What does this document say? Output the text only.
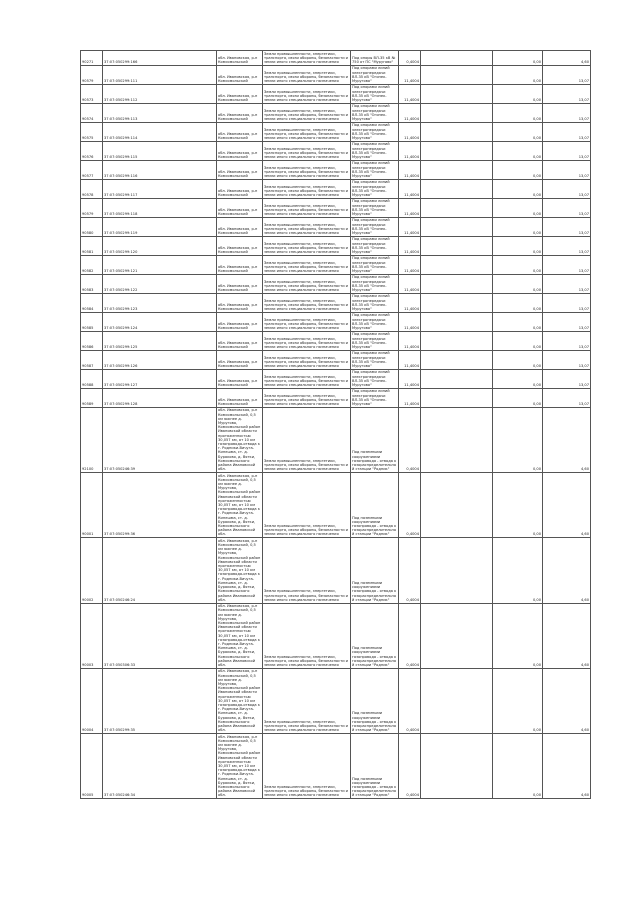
90271	37:07:050299:166	обл. Ивановская, р-н Комсомольский	Земли промышленности, энергетики, транспорта, связи обороны, безопасности и земли иного специального назначения	Под опоры ВЛ-35 кВ № 750 от ПС "Муругово"	0,4004		0,00	4,60
90579	37:07:050299:111	обл. Ивановская, р-н Комсомольский	Земли промышленности, энергетики, транспорта, связи обороны, безопасности и земли иного специального назначения	Под опорами линий электропередачи ВЛ-35 кВ "Огонек-Муругово"	11,4004		0,00	13,07
90573	37:07:050299:112	обл. Ивановская, р-н Комсомольский	Земли промышленности, энергетики, транспорта, связи обороны, безопасности и земли иного специального назначения	Под опорами линий электропередачи ВЛ-35 кВ "Огонек-Муругово"	11,4004		0,00	13,07
90574	37:07:050299:113	обл. Ивановская, р-н Комсомольский	Земли промышленности, энергетики, транспорта, связи обороны, безопасности и земли иного специального назначения	Под опорами линий электропередачи ВЛ-35 кВ "Огонек-Муругово"	11,4004		0,00	13,07
90575	37:07:050299:114	обл. Ивановская, р-н Комсомольский	Земли промышленности, энергетики, транспорта, связи обороны, безопасности и земли иного специального назначения	Под опорами линий электропередачи ВЛ-35 кВ "Огонек-Муругово"	11,4004		0,00	13,07
90576	37:07:050299:115	обл. Ивановская, р-н Комсомольский	Земли промышленности, энергетики, транспорта, связи обороны, безопасности и земли иного специального назначения	Под опорами линий электропередачи ВЛ-35 кВ "Огонек-Муругово"	11,4004		0,00	13,07
90577	37:07:050299:116	обл. Ивановская, р-н Комсомольский	Земли промышленности, энергетики, транспорта, связи обороны, безопасности и земли иного специального назначения	Под опорами линий электропередачи ВЛ-35 кВ "Огонек-Муругово"	11,4004		0,00	13,07
90578	37:07:050299:117	обл. Ивановская, р-н Комсомольский	Земли промышленности, энергетики, транспорта, связи обороны, безопасности и земли иного специального назначения	Под опорами линий электропередачи ВЛ-35 кВ "Огонек-Муругово"	11,4004		0,00	13,07
90579	37:07:050299:118	обл. Ивановская, р-н Комсомольский	Земли промышленности, энергетики, транспорта, связи обороны, безопасности и земли иного специального назначения	Под опорами линий электропередачи ВЛ-35 кВ "Огонек-Муругово"	11,4004		0,00	13,07
90580	37:07:050299:119	обл. Ивановская, р-н Комсомольский	Земли промышленности, энергетики, транспорта, связи обороны, безопасности и земли иного специального назначения	Под опорами линий электропередачи ВЛ-35 кВ "Огонек-Муругово"	11,4004		0,00	13,07
90581	37:07:050299:120	обл. Ивановская, р-н Комсомольский	Земли промышленности, энергетики, транспорта, связи обороны, безопасности и земли иного специального назначения	Под опорами линий электропередачи ВЛ-35 кВ "Огонек-Муругово"	11,4004		0,00	13,07
90582	37:07:050299:121	обл. Ивановская, р-н Комсомольский	Земли промышленности, энергетики, транспорта, связи обороны, безопасности и земли иного специального назначения	Под опорами линий электропередачи ВЛ-35 кВ "Огонек-Муругово"	11,4004		0,00	13,07
90583	37:07:050299:122	обл. Ивановская, р-н Комсомольский	Земли промышленности, энергетики, транспорта, связи обороны, безопасности и земли иного специального назначения	Под опорами линий электропередачи ВЛ-35 кВ "Огонек-Муругово"	11,4004		0,00	13,07
90584	37:07:050299:123	обл. Ивановская, р-н Комсомольский	Земли промышленности, энергетики, транспорта, связи обороны, безопасности и земли иного специального назначения	Под опорами линий электропередачи ВЛ-35 кВ "Огонек-Муругово"	11,4004		0,00	13,07
90585	37:07:050299:124	обл. Ивановская, р-н Комсомольский	Земли промышленности, энергетики, транспорта, связи обороны, безопасности и земли иного специального назначения	Под опорами линий электропередачи ВЛ-35 кВ "Огонек-Муругово"	11,4004		0,00	13,07
90586	37:07:050299:125	обл. Ивановская, р-н Комсомольский	Земли промышленности, энергетики, транспорта, связи обороны, безопасности и земли иного специального назначения	Под опорами линий электропередачи ВЛ-35 кВ "Огонек-Муругово"	11,4004		0,00	13,07
90587	37:07:050299:126	обл. Ивановская, р-н Комсомольский	Земли промышленности, энергетики, транспорта, связи обороны, безопасности и земли иного специального назначения	Под опорами линий электропередачи ВЛ-35 кВ "Огонек-Муругово"	11,4004		0,00	13,07
90588	37:07:050299:127	обл. Ивановская, р-н Комсомольский	Земли промышленности, энергетики, транспорта, связи обороны, безопасности и земли иного специального назначения	Под опорами линий электропередачи ВЛ-35 кВ "Огонек-Муругово"	11,4004		0,00	13,07
90589	37:07:050299:128	обл. Ивановская, р-н Комсомольский	Земли промышленности, энергетики, транспорта, связи обороны, безопасности и земли иного специального назначения	Под опорами линий электропередачи ВЛ-35 кВ "Огонек-Муругово"	11,4004		0,00	13,07
92100	37:07:050246:39	обл. Ивановская, р-н Комсомольский, 0,5 км южнее д. Муругово, Комсомольский район Ивановской области протяженностью 30,057 км, от 10 км газопровода-отвода к г. Родники-Вичуга-Кинешма, ст. д. Бураково, д. Вятки, Комсомольского района Ивановской обл.	Земли промышленности, энергетики, транспорта, связи обороны, безопасности и земли иного специального назначения	Под наземными сооружениями газопровода - отвода к газораспределительной станции "Родник"	0,4004		0,00	4,60
90001	37:07:050299:36	обл. Ивановская, р-н Комсомольский, 0,5 км южнее д. Муругово, Комсомольский район Ивановской области протяженностью 30,057 км, от 10 км газопровода-отвода к г. Родники-Вичуга-Кинешма, ст. д. Бураково, д. Вятки, Комсомольского района Ивановской обл.	Земли промышленности, энергетики, транспорта, связи обороны, безопасности и земли иного специального назначения	Под наземными сооружениями газопровода - отвода к газораспределительной станции "Родник"	0,4004		0,00	4,60
90002	37:07:050246:24	обл. Ивановская, р-н Комсомольский, 0,5 км южнее д. Муругово, Комсомольский район Ивановской области протяженностью 30,057 км, от 10 км газопровода-отвода к г. Родники-Вичуга-Кинешма, ст. д. Бураково, д. Вятки, Комсомольского района Ивановской обл.	Земли промышленности, энергетики, транспорта, связи обороны, безопасности и земли иного специального назначения	Под наземными сооружениями газопровода - отвода к газораспределительной станции "Родник"	0,4004		0,00	4,60
90003	37:07:050306:33	обл. Ивановская, р-н Комсомольский, 0,5 км южнее д. Муругово, Комсомольский район Ивановской области протяженностью 30,057 км, от 10 км газопровода-отвода к г. Родники-Вичуга-Кинешма, ст. д. Бураково, д. Вятки, Комсомольского района Ивановской обл.	Земли промышленности, энергетики, транспорта, связи обороны, безопасности и земли иного специального назначения	Под наземными сооружениями газопровода - отвода к газораспределительной станции "Родник"	0,4004		0,00	4,60
90004	37:07:050299:35	обл. Ивановская, р-н Комсомольский, 0,5 км южнее д. Муругово, Комсомольский район Ивановской области протяженностью 30,057 км, от 10 км газопровода-отвода к г. Родники-Вичуга-Кинешма, ст. д. Бураково, д. Вятки, Комсомольского района Ивановской обл.	Земли промышленности, энергетики, транспорта, связи обороны, безопасности и земли иного специального назначения	Под наземными сооружениями газопровода - отвода к газораспределительной станции "Родник"	0,4004		0,00	4,60
90005	37:07:050246:34	обл. Ивановская, р-н Комсомольский, 0,5 км южнее д. Муругово, Комсомольский район Ивановской области протяженностью 30,057 км, от 10 км газопровода-отвода к г. Родники-Вичуга-Кинешма, ст. д. Бураково, д. Вятки, Комсомольского района Ивановской обл.	Земли промышленности, энергетики, транспорта, связи обороны, безопасности и земли иного специального назначения	Под наземными сооружениями газопровода - отвода к газораспределительной станции "Родник"	0,4004		0,00	4,60
